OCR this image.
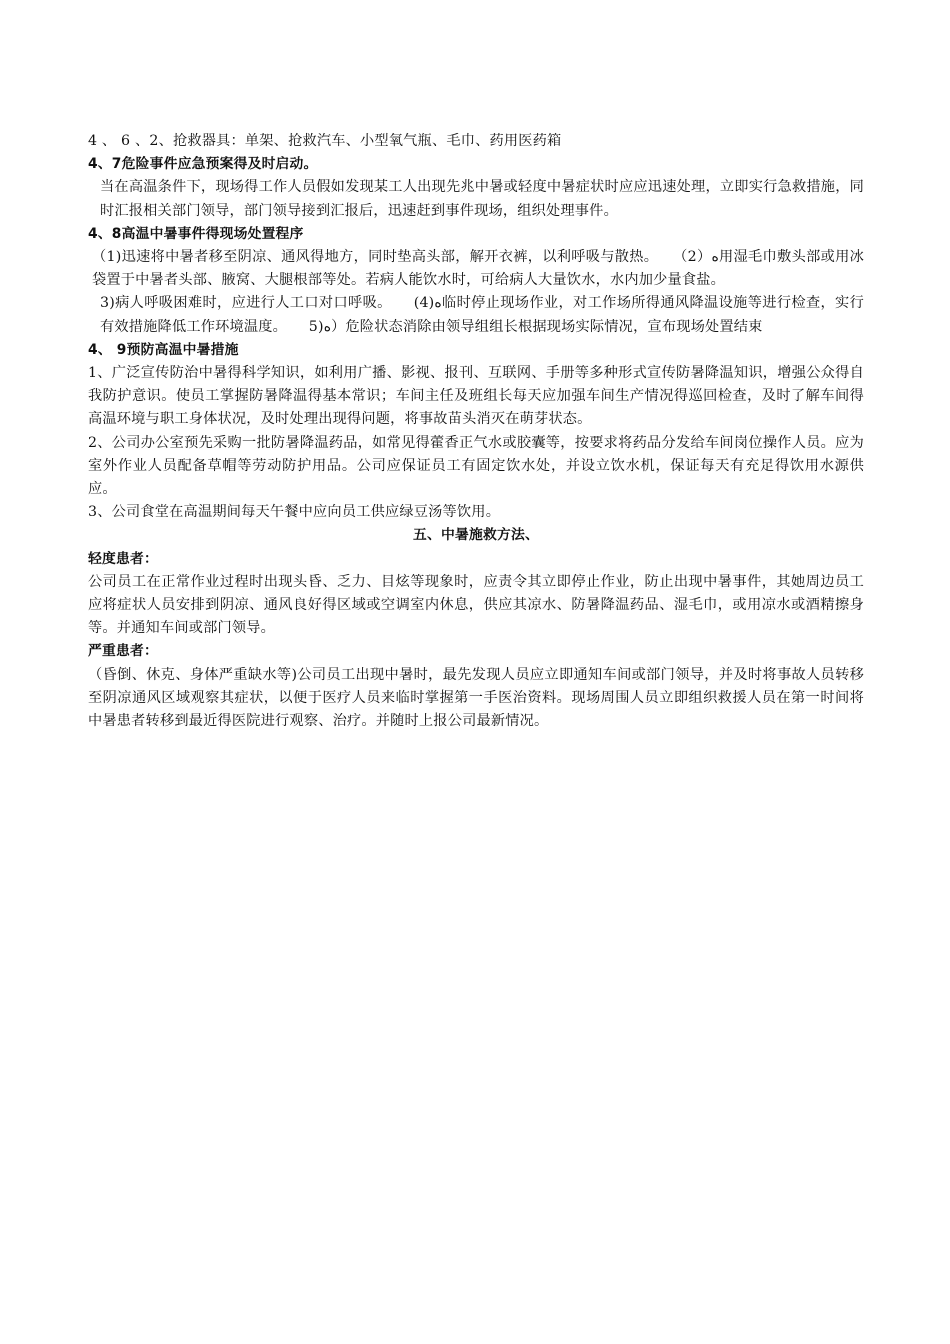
4 、 6 、2、抢救器具：单架、抢救汽车、小型氧气瓶、毛巾、药用医药箱

4、7危险事件应急预案得及时启动。

当在高温条件下，现场得工作人员假如发现某工人出现先兆中暑或轻度中暑症状时应应迅速处理，立即实行急救措施，同时汇报相关部门领导，部门领导接到汇报后，迅速赶到事件现场，组织处理事件。

4、8高温中暑事件得现场处置程序

（1)迅速将中暑者移至阴凉、通风得地方，同时垫高头部，解开衣裤，以利呼吸与散热。　　（2）ﻩ用湿毛巾敷头部或用冰袋置于中暑者头部、腋窝、大腿根部等处。若病人能饮水时，可给病人大量饮水，水内加少量食盐。

3)病人呼吸困难时，应进行人工口对口呼吸。　　(4)ﻩ临时停止现场作业，对工作场所得通风降温设施等进行检查，实行有效措施降低工作环境温度。　　5)ﻩ）危险状态消除由领导组组长根据现场实际情况，宣布现场处置结束

4、 9预防高温中暑措施

1、广泛宣传防治中暑得科学知识，如利用广播、影视、报刊、互联网、手册等多种形式宣传防暑降温知识，增强公众得自我防护意识。使员工掌握防暑降温得基本常识；车间主任及班组长每天应加强车间生产情况得巡回检查，及时了解车间得高温环境与职工身体状况，及时处理出现得问题，将事故苗头消灭在萌芽状态。

2、公司办公室预先采购一批防暑降温药品，如常见得藿香正气水或胶囊等，按要求将药品分发给车间岗位操作人员。应为室外作业人员配备草帽等劳动防护用品。公司应保证员工有固定饮水处，并设立饮水机，保证每天有充足得饮用水源供应。

3、公司食堂在高温期间每天午餐中应向员工供应绿豆汤等饮用。

五、中暑施救方法、

轻度患者：

公司员工在正常作业过程时出现头昏、乏力、目炫等现象时，应责令其立即停止作业，防止出现中暑事件，其她周边员工应将症状人员安排到阴凉、通风良好得区域或空调室内休息，供应其凉水、防暑降温药品、湿毛巾，或用凉水或酒精擦身等。并通知车间或部门领导。

严重患者：

（昏倒、休克、身体严重缺水等)公司员工出现中暑时，最先发现人员应立即通知车间或部门领导，并及时将事故人员转移至阴凉通风区域观察其症状，以便于医疗人员来临时掌握第一手医治资料。现场周围人员立即组织救援人员在第一时间将中暑患者转移到最近得医院进行观察、治疗。并随时上报公司最新情况。
